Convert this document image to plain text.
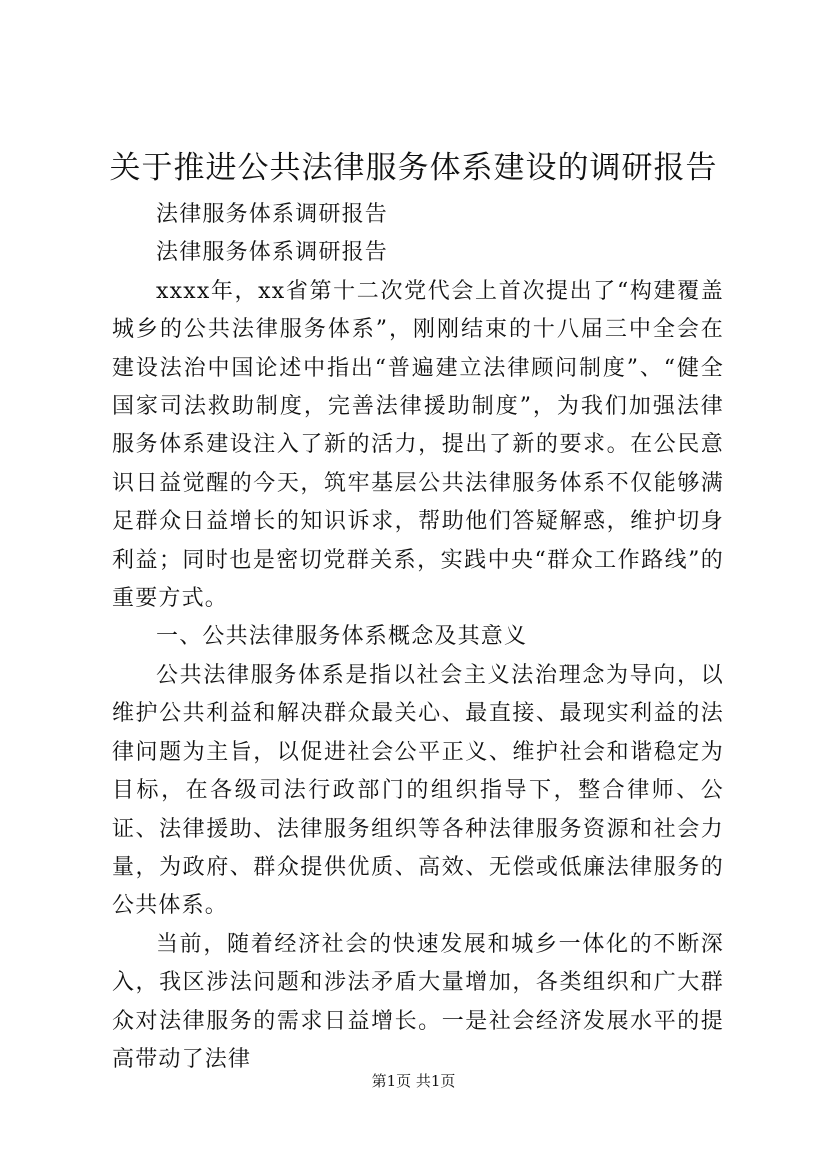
关于推进公共法律服务体系建设的调研报告

法律服务体系调研报告

法律服务体系调研报告

xxxx年，xx省第十二次党代会上首次提出了“构建覆盖城乡的公共法律服务体系”，刚刚结束的十八届三中全会在建设法治中国论述中指出“普遍建立法律顾问制度”、“健全国家司法救助制度，完善法律援助制度”，为我们加强法律服务体系建设注入了新的活力，提出了新的要求。在公民意识日益觉醒的今天，筑牢基层公共法律服务体系不仅能够满足群众日益增长的知识诉求，帮助他们答疑解惑，维护切身利益；同时也是密切党群关系，实践中央“群众工作路线”的重要方式。

一、公共法律服务体系概念及其意义

公共法律服务体系是指以社会主义法治理念为导向，以维护公共利益和解决群众最关心、最直接、最现实利益的法律问题为主旨，以促进社会公平正义、维护社会和谐稳定为目标，在各级司法行政部门的组织指导下，整合律师、公证、法律援助、法律服务组织等各种法律服务资源和社会力量，为政府、群众提供优质、高效、无偿或低廉法律服务的公共体系。

当前，随着经济社会的快速发展和城乡一体化的不断深入，我区涉法问题和涉法矛盾大量增加，各类组织和广大群众对法律服务的需求日益增长。一是社会经济发展水平的提高带动了法律

第1页 共1页
